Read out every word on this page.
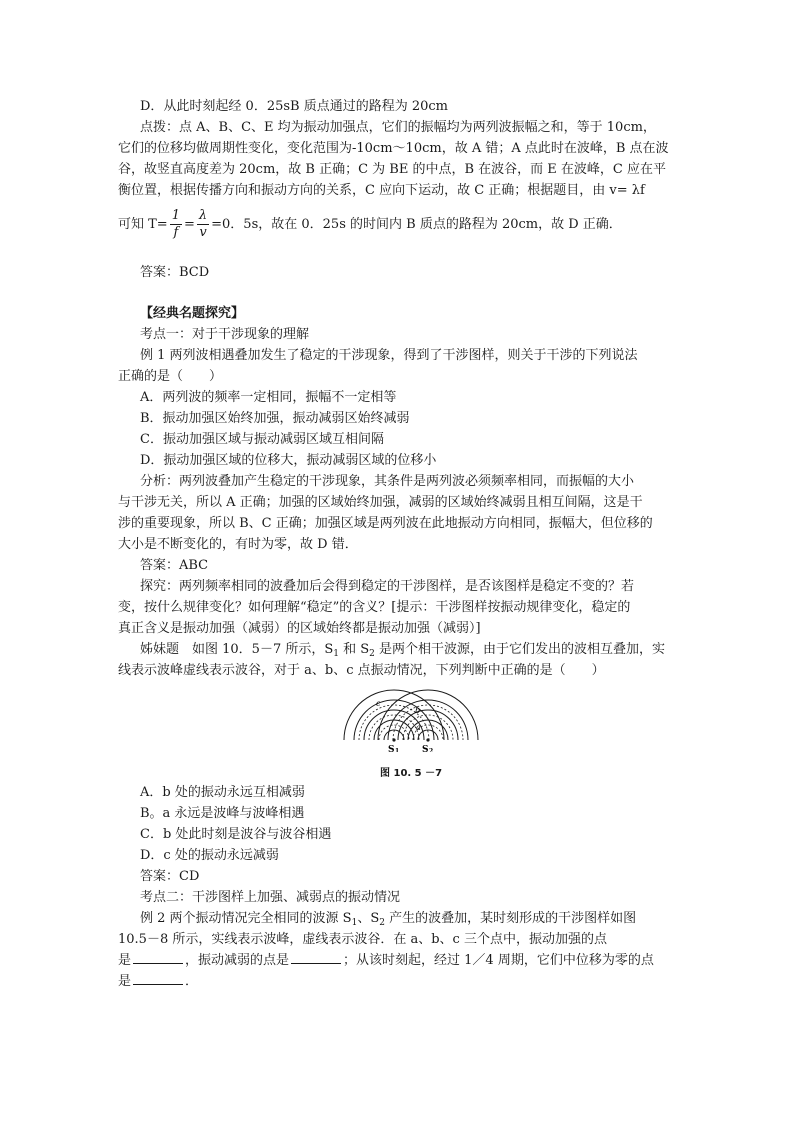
D．从此时刻起经 0．25sB 质点通过的路程为 20cm
点拨：点 A、B、C、E 均为振动加强点，它们的振幅均为两列波振幅之和，等于 10cm，
它们的位移均做周期性变化，变化范围为-10cm～10cm，故 A 错；A 点此时在波峰，B 点在波
谷，故竖直高度差为 20cm，故 B 正确；C 为 BE 的中点，B 在波谷，而 E 在波峰，C 应在平
衡位置，根据传播方向和振动方向的关系，C 应向下运动，故 C 正确；根据题目，由 v= λf
可知 $T= \frac{1}{f} = \frac{\lambda}{v} =0$．5s，故在 0．25s 的时间内 B 质点的路程为 20cm，故 D 正确．
答案：BCD
【经典名题探究】
考点一：对于干涉现象的理解
例 1 两列波相遇叠加发生了稳定的干涉现象，得到了干涉图样，则关于干涉的下列说法
正确的是（　　）
A．两列波的频率一定相同，振幅不一定相等
B．振动加强区始终加强，振动减弱区始终减弱
C．振动加强区域与振动减弱区域互相间隔
D．振动加强区域的位移大，振动减弱区域的位移小
分析：两列波叠加产生稳定的干涉现象，其条件是两列波必须频率相同，而振幅的大小
与干涉无关，所以 A 正确；加强的区域始终加强，减弱的区域始终减弱且相互间隔，这是干
涉的重要现象，所以 B、C 正确；加强区域是两列波在此地振动方向相同，振幅大，但位移的
大小是不断变化的，有时为零，故 D 错．
答案：ABC
探究：两列频率相同的波叠加后会得到稳定的干涉图样，是否该图样是稳定不变的？若
变，按什么规律变化？如何理解“稳定”的含义？[提示：干涉图样按振动规律变化，稳定的
真正含义是振动加强（减弱）的区域始终都是振动加强（减弱）]
姊妹题　如图 10．5－7 所示，$S_1$ 和 $S_2$ 是两个相干波源，由于它们发出的波相互叠加，实
线表示波峰虚线表示波谷，对于 a、b、c 点振动情况，下列判断中正确的是（　　）
S 1	S 2
c
b
a
图 10. 5 －7
A．b 处的振动永远互相减弱
B。a 永远是波峰与波峰相遇
C．b 处此时刻是波谷与波谷相遇
D．c 处的振动永远减弱
答案：CD
考点二：干涉图样上加强、减弱点的振动情况
例 2 两个振动情况完全相同的波源 $S_1$、$S_2$ 产生的波叠加，某时刻形成的干涉图样如图
10.5－8 所示，实线表示波峰，虚线表示波谷．在 a、b、c 三个点中，振动加强的点
是	，振动减弱的点是	；从该时刻起，经过 1／4 周期，它们中位移为零的点
是	．
